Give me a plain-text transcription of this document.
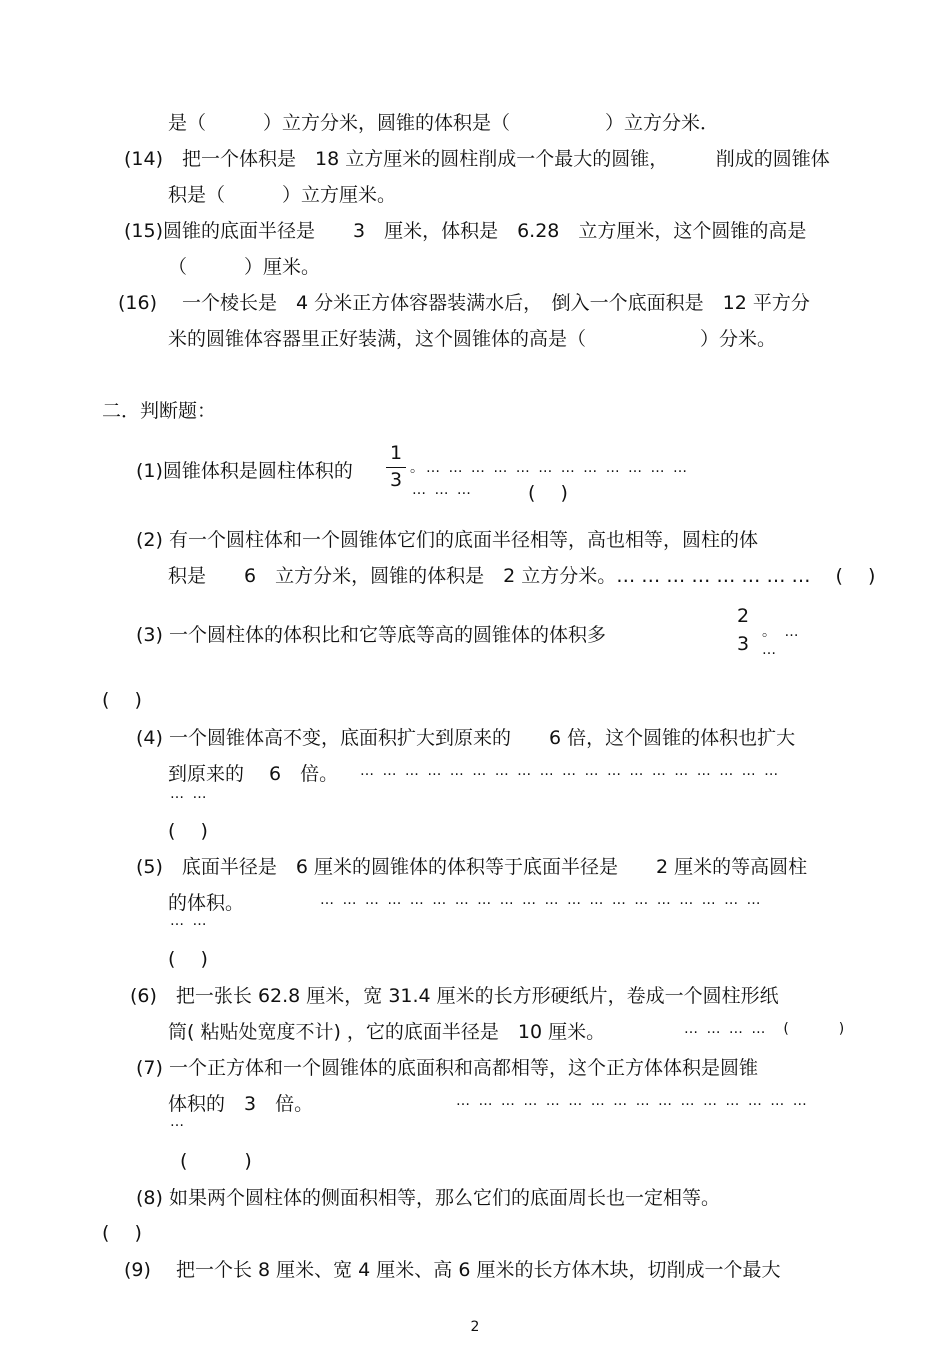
是（　　　）立方分米，圆锥的体积是（　　　　　）立方分米．
(14)　把一个体积是　18 立方厘米的圆柱削成一个最大的圆锥，　　　削成的圆锥体
积是（　　　）立方厘米。
(15)圆锥的底面半径是　　3　厘米，体积是　6.28　立方厘米，这个圆锥的高是
（　　　）厘米。
(16)　 一个棱长是　4 分米正方体容器装满水后，　倒入一个底面积是　12 平方分
米的圆锥体容器里正好装满，这个圆锥体的高是（　　　　　　）分米。
二．判断题：
(1)圆锥体积是圆柱体积的
1
3
。… … … … … … … … … … … …
… … …	(　 )
(2) 有一个圆柱体和一个圆锥体它们的底面半径相等，高也相等，圆柱的体
积是　　6　立方分米，圆锥的体积是　2 立方分米。… … … … … … … …　 (　 )
(3) 一个圆柱体的体积比和它等底等高的圆锥体的体积多
2
3
。 …
…
(　 )
(4) 一个圆锥体高不变，底面积扩大到原来的　　6 倍，这个圆锥的体积也扩大
到原来的　 6　倍。 … … … … … … … … … … … … … … … … … … …
… …
(　 )
(5)　底面半径是　6 厘米的圆锥体的体积等于底面半径是　　2 厘米的等高圆柱
的体积。	… … … … … … … … … … … … … … … … … … … …
… …
(　 )
(6)　把一张长 62.8 厘米，宽 31.4 厘米的长方形硬纸片，卷成一个圆柱形纸
筒( 粘贴处宽度不计) ，它的底面半径是　10 厘米。	… … … …　(　　　)
(7) 一个正方体和一个圆锥体的底面积和高都相等，这个正方体体积是圆锥
体积的　3　倍。	… … … … … … … … … … … … … … … …
…
(　　　)
(8) 如果两个圆柱体的侧面积相等，那么它们的底面周长也一定相等。
(　 )
(9)　 把一个长 8 厘米、宽 4 厘米、高 6 厘米的长方体木块，切削成一个最大
2
